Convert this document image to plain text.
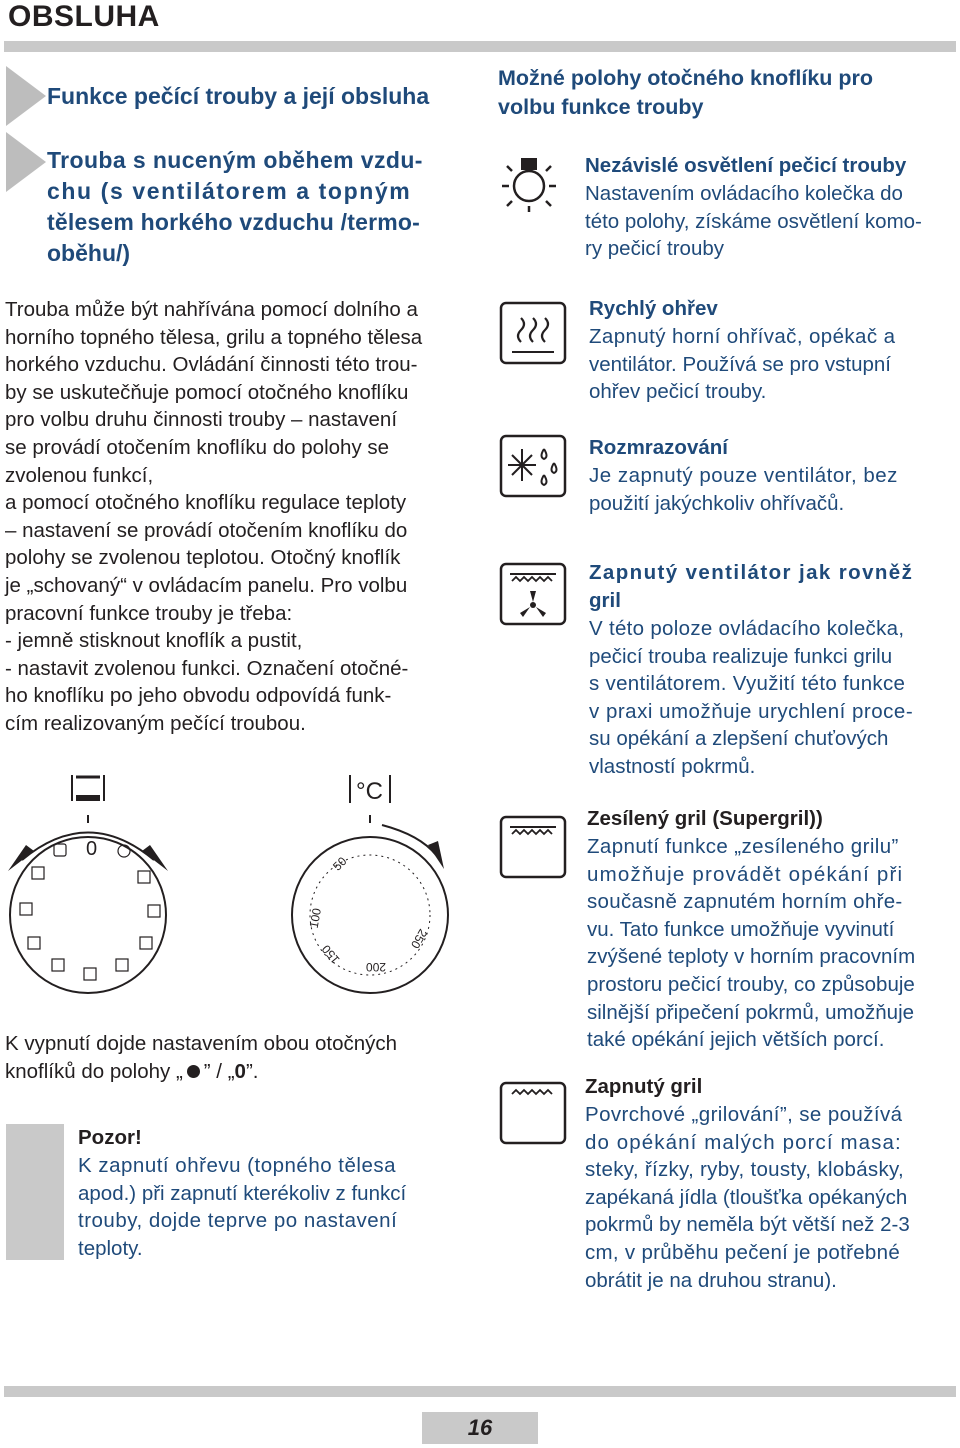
OBSLUHA
Funkce pečící trouby a její obsluha
Trouba s nuceným oběhem vzdu-
chu (s ventilátorem a topným
tělesem horkého vzduchu /termo-
oběhu/)
Trouba může být nahřívána pomocí dolního a
horního topného tělesa, grilu a topného tělesa
horkého vzduchu. Ovládání činnosti této trou-
by se uskutečňuje pomocí otočného knoflíku
pro volbu druhu činnosti trouby – nastavení
se provádí otočením knoflíku do polohy se
zvolenou funkcí,
a pomocí otočného knoflíku regulace teploty
– nastavení se provádí otočením knoflíku do
polohy se zvolenou teplotou. Otočný knoflík
je „schovaný“ v ovládacím panelu. Pro volbu
pracovní funkce trouby je třeba:
- jemně stisknout knoflík a pustit,
- nastavit zvolenou funkci. Označení otočné-
ho knoflíku po jeho obvodu odpovídá funk-
cím realizovaným pečící troubou.
0
°C
50
100
150
200
250
K vypnutí dojde nastavením obou otočných
knoflíků do polohy „ ” / „0”.
Pozor!
K zapnutí ohřevu (topného tělesa
apod.) při zapnutí kterékoliv z funkcí
trouby, dojde teprve po nastavení
teploty.
Možné polohy otočného knoflíku pro
volbu funkce trouby
Nezávislé osvětlení pečicí trouby
Nastavením ovládacího kolečka do
této polohy, získáme osvětlení komo-
ry pečicí trouby
Rychlý ohřev
Zapnutý horní ohřívač, opékač a
ventilátor. Používá se pro vstupní
ohřev pečicí trouby.
Rozmrazování
Je zapnutý pouze ventilátor, bez
použití jakýchkoliv ohřívačů.
Zapnutý ventilátor jak rovněž
gril
V této poloze ovládacího kolečka,
pečicí trouba realizuje funkci grilu
s ventilátorem. Využití této funkce
v praxi umožňuje urychlení proce-
su opékání a zlepšení chuťových
vlastností pokrmů.
Zesílený gril (Supergril))
Zapnutí funkce „zesíleného grilu”
umožňuje provádět opékání při
současně zapnutém horním ohře-
vu. Tato funkce umožňuje vyvinutí
zvýšené teploty v horním pracovním
prostoru pečicí trouby, co způsobuje
silnější připečení pokrmů, umožňuje
také opékání jejich větších porcí.
Zapnutý gril
Povrchové „grilování”, se používá
do opékání malých porcí masa:
steky, řízky, ryby, tousty, klobásky,
zapékaná jídla (tloušťka opékaných
pokrmů by neměla být větší než 2-3
cm, v průběhu pečení je potřebné
obrátit je na druhou stranu).
16
